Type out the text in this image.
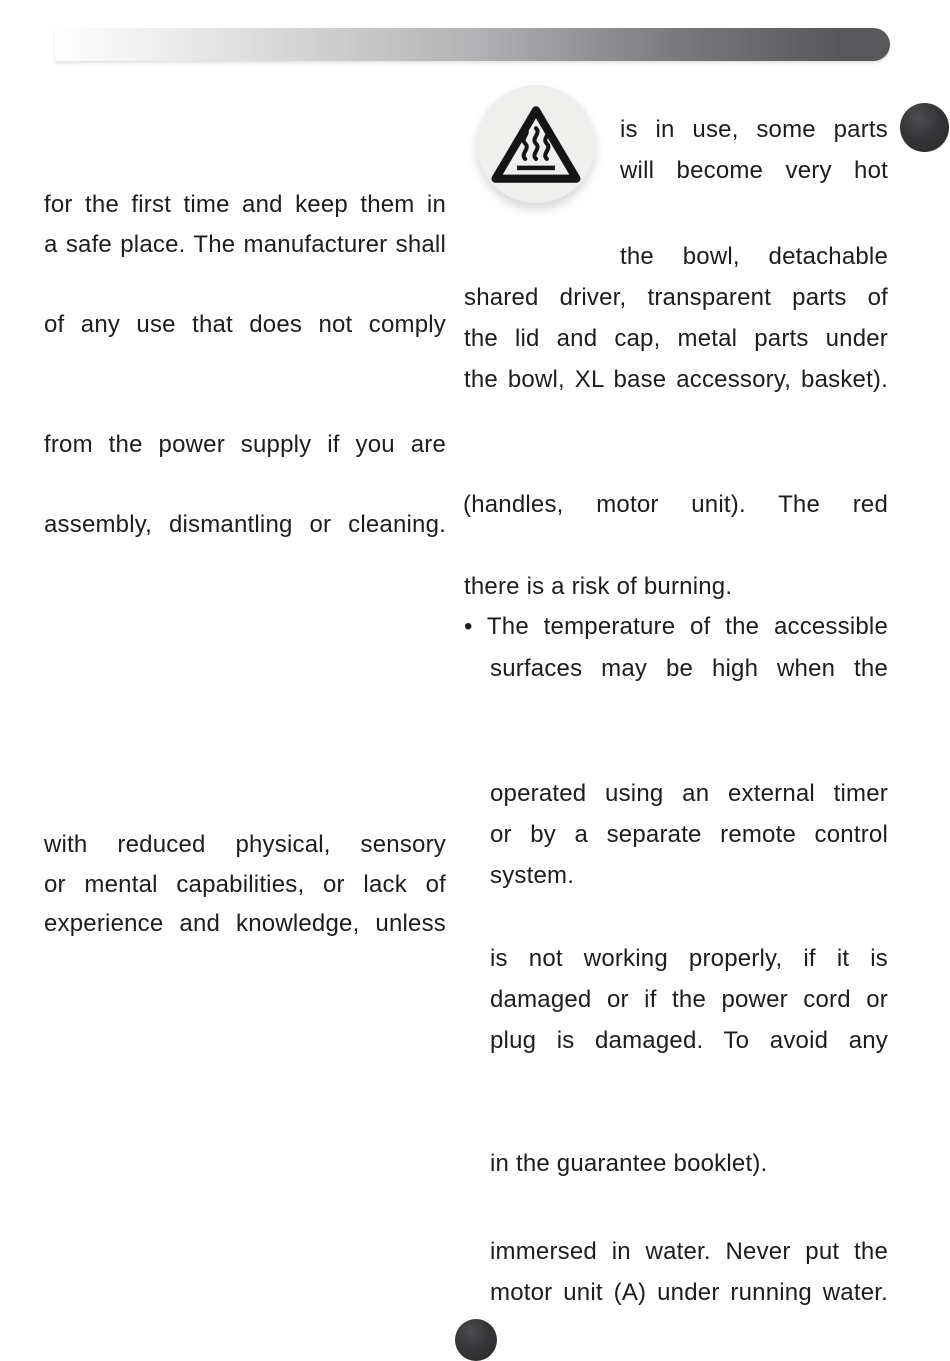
for the first time and keep them in
a safe place. The manufacturer shall
of any use that does not comply
from the power supply if you are
assembly, dismantling or cleaning.
with reduced physical, sensory
or mental capabilities, or lack of
experience and knowledge, unless
is in use, some parts
will become very hot
the bowl, detachable
shared driver, transparent parts of
the lid and cap, metal parts under
the bowl, XL base accessory, basket).
(handles, motor unit). The red
there is a risk of burning.
• The temperature of the accessible
surfaces may be high when the
operated using an external timer
or by a separate remote control
system.
is not working properly, if it is
damaged or if the power cord or
plug is damaged. To avoid any
in the guarantee booklet).
immersed in water. Never put the
motor unit (A) under running water.
